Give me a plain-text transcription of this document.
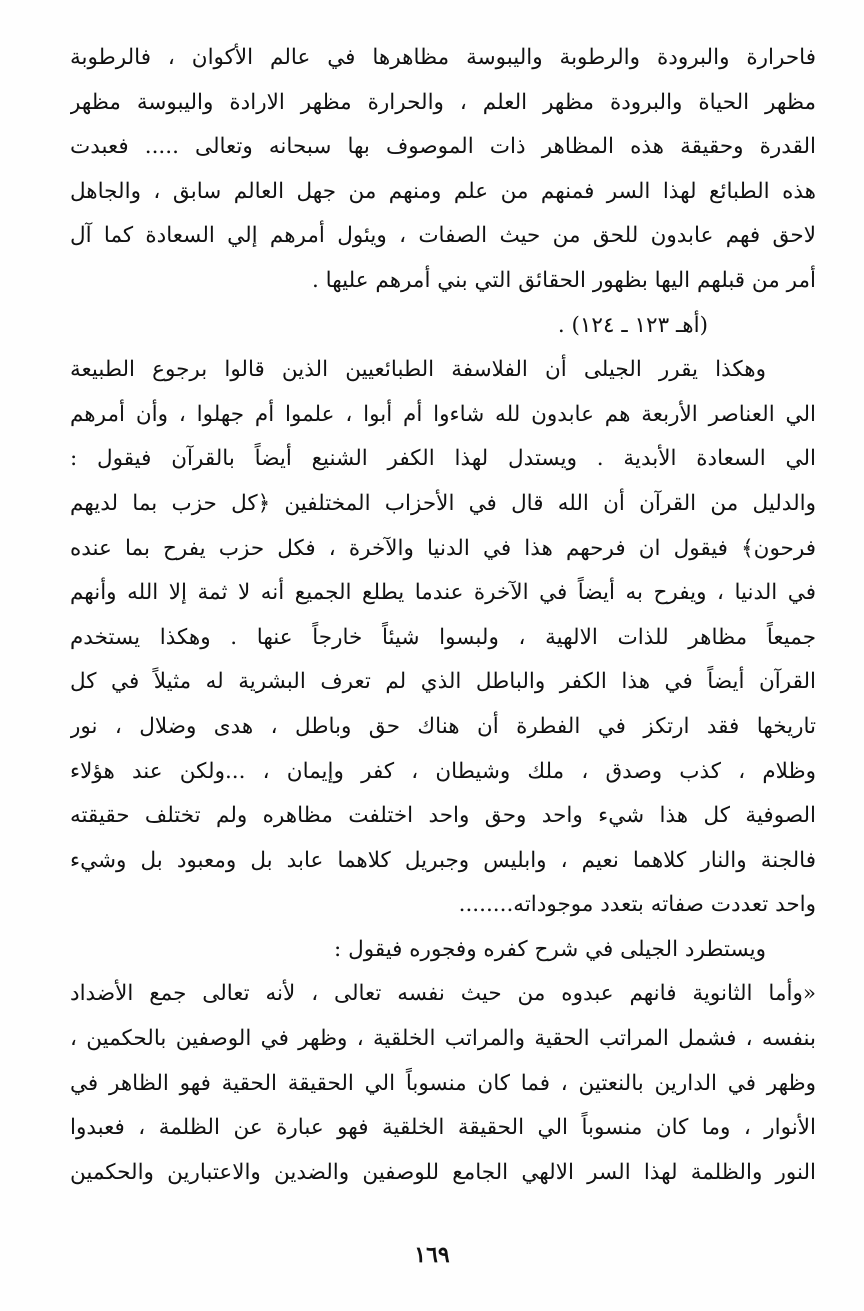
فاحرارة والبرودة والرطوبة واليبوسة مظاهرها في عالم الأكوان ، فالرطوبة
مظهر الحياة والبرودة مظهر العلم ، والحرارة مظهر الارادة واليبوسة مظهر
القدرة وحقيقة هذه المظاهر ذات الموصوف بها سبحانه وتعالى ..... فعبدت
هذه الطبائع لهذا السر فمنهم من علم ومنهم من جهل العالم سابق ، والجاهل
لاحق فهم عابدون للحق من حيث الصفات ، ويئول أمرهم إلي السعادة كما آل
أمر من قبلهم اليها بظهور الحقائق التي بني أمرهم عليها .
(أهـ ١٢٣ ـ ١٢٤) .
وهكذا يقرر الجيلى أن الفلاسفة الطبائعيين الذين قالوا برجوع الطبيعة
الي العناصر الأربعة هم عابدون لله شاءوا أم أبوا ، علموا أم جهلوا ، وأن أمرهم
الي السعادة الأبدية . ويستدل لهذا الكفر الشنيع أيضاً بالقرآن فيقول :
والدليل من القرآن أن الله قال في الأحزاب المختلفين ﴿كل حزب بما لديهم
فرحون﴾ فيقول ان فرحهم هذا في الدنيا والآخرة ، فكل حزب يفرح بما عنده
في الدنيا ، ويفرح به أيضاً في الآخرة عندما يطلع الجميع أنه لا ثمة إلا الله وأنهم
جميعاً مظاهر للذات الالهية ، ولبسوا شيئاً خارجاً عنها . وهكذا يستخدم
القرآن أيضاً في هذا الكفر والباطل الذي لم تعرف البشرية له مثيلاً في كل
تاريخها فقد ارتكز في الفطرة أن هناك حق وباطل ، هدى وضلال ، نور
وظلام ، كذب وصدق ، ملك وشيطان ، كفر وإيمان ، ...ولكن عند هؤلاء
الصوفية كل هذا شيء واحد وحق واحد اختلفت مظاهره ولم تختلف حقيقته
فالجنة والنار كلاهما نعيم ، وابليس وجبريل كلاهما عابد بل ومعبود بل وشيء
واحد تعددت صفاته بتعدد موجوداته........
ويستطرد الجيلى في شرح كفره وفجوره فيقول :
«وأما الثانوية فانهم عبدوه من حيث نفسه تعالى ، لأنه تعالى جمع الأضداد
بنفسه ، فشمل المراتب الحقية والمراتب الخلقية ، وظهر في الوصفين بالحكمين ،
وظهر في الدارين بالنعتين ، فما كان منسوباً الي الحقيقة الحقية فهو الظاهر في
الأنوار ، وما كان منسوباً الي الحقيقة الخلقية فهو عبارة عن الظلمة ، فعبدوا
النور والظلمة لهذا السر الالهي الجامع للوصفين والضدين والاعتبارين والحكمين
١٦٩
